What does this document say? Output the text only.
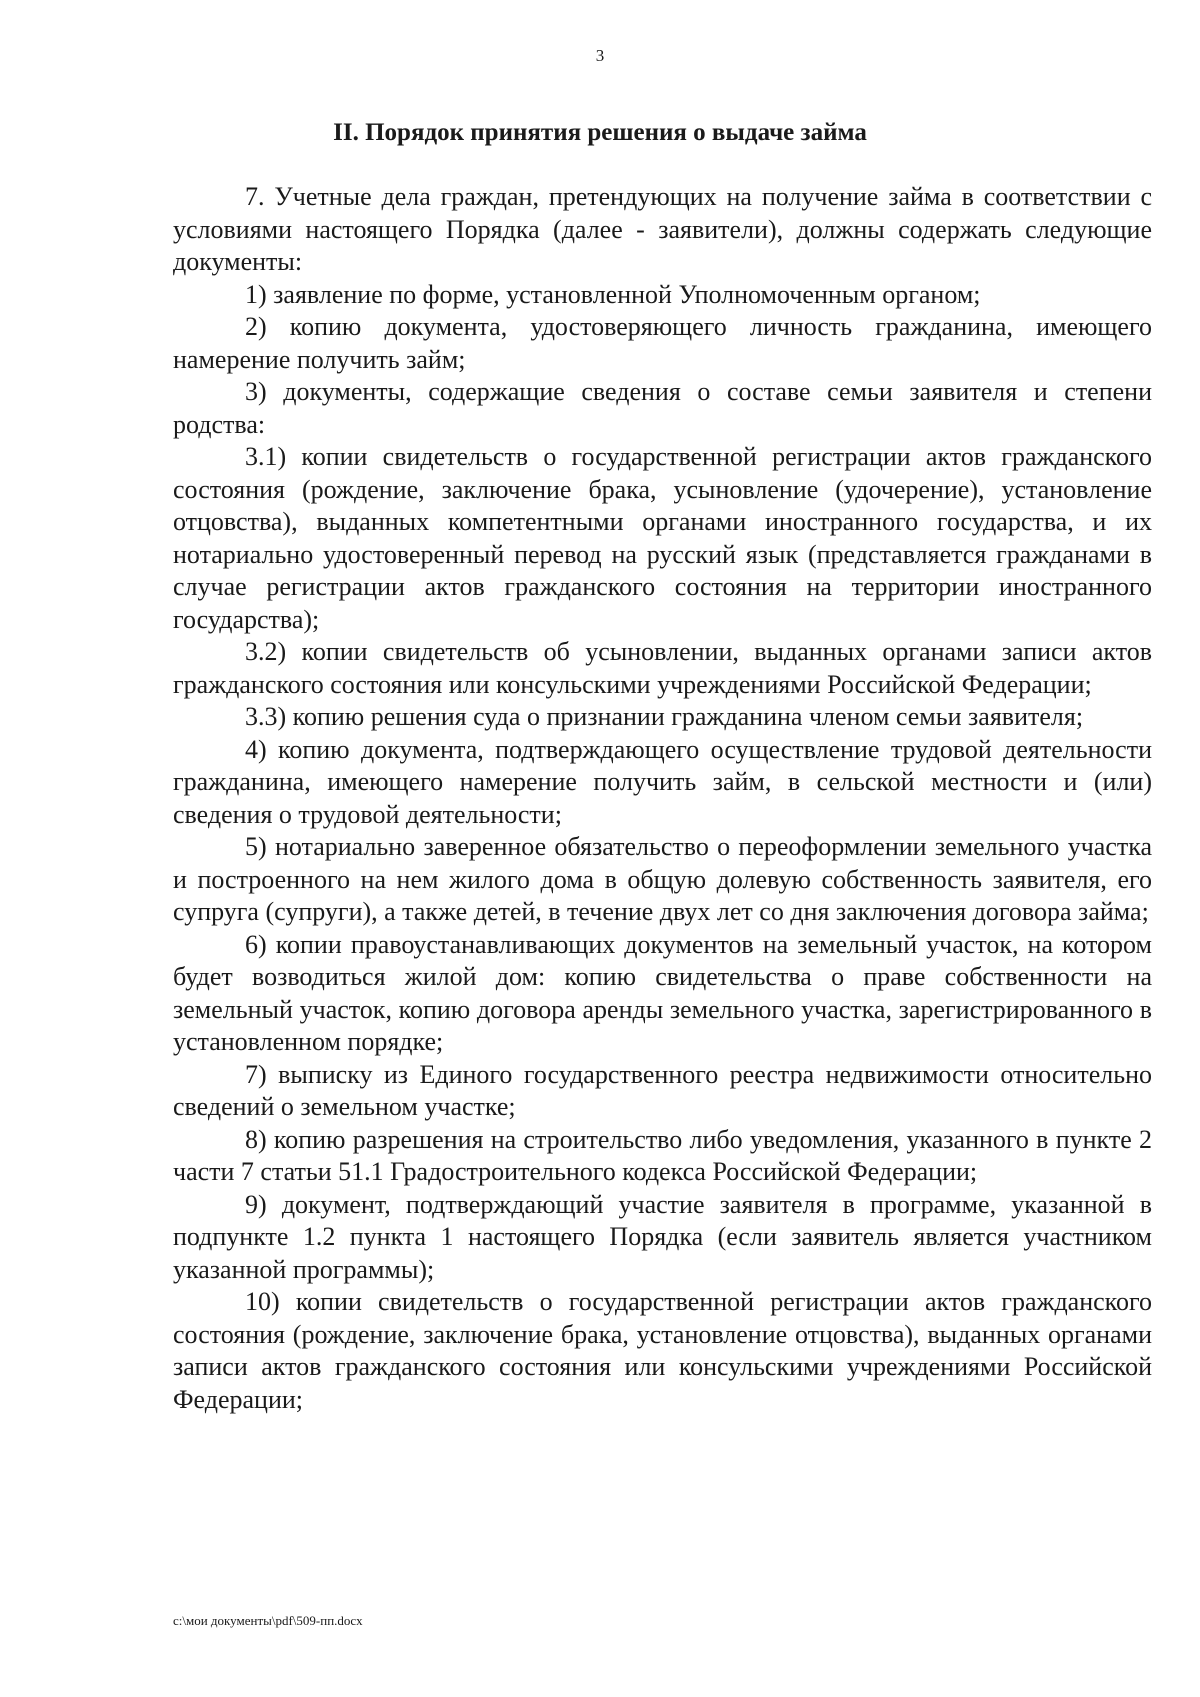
3
II. Порядок принятия решения о выдаче займа

7. Учетные дела граждан, претендующих на получение займа в соответствии с условиями настоящего Порядка (далее - заявители), должны содержать следующие документы:

1) заявление по форме, установленной Уполномоченным органом;

2) копию документа, удостоверяющего личность гражданина, имеющего намерение получить займ;

3) документы, содержащие сведения о составе семьи заявителя и степени родства:

3.1) копии свидетельств о государственной регистрации актов гражданского состояния (рождение, заключение брака, усыновление (удочерение), установление отцовства), выданных компетентными органами иностранного государства, и их нотариально удостоверенный перевод на русский язык (представляется гражданами в случае регистрации актов гражданского состояния на территории иностранного государства);

3.2) копии свидетельств об усыновлении, выданных органами записи актов гражданского состояния или консульскими учреждениями Российской Федерации;

3.3) копию решения суда о признании гражданина членом семьи заявителя;

4) копию документа, подтверждающего осуществление трудовой деятельности гражданина, имеющего намерение получить займ, в сельской местности и (или) сведения о трудовой деятельности;

5) нотариально заверенное обязательство о переоформлении земельного участка и построенного на нем жилого дома в общую долевую собственность заявителя, его супруга (супруги), а также детей, в течение двух лет со дня заключения договора займа;

6) копии правоустанавливающих документов на земельный участок, на котором будет возводиться жилой дом: копию свидетельства о праве собственности на земельный участок, копию договора аренды земельного участка, зарегистрированного в установленном порядке;

7) выписку из Единого государственного реестра недвижимости относительно сведений о земельном участке;

8) копию разрешения на строительство либо уведомления, указанного в пункте 2 части 7 статьи 51.1 Градостроительного кодекса Российской Федерации;

9) документ, подтверждающий участие заявителя в программе, указанной в подпункте 1.2 пункта 1 настоящего Порядка (если заявитель является участником указанной программы);

10) копии свидетельств о государственной регистрации актов гражданского состояния (рождение, заключение брака, установление отцовства), выданных органами записи актов гражданского состояния или консульскими учреждениями Российской Федерации;

c:\мои документы\pdf\509-пп.docx
